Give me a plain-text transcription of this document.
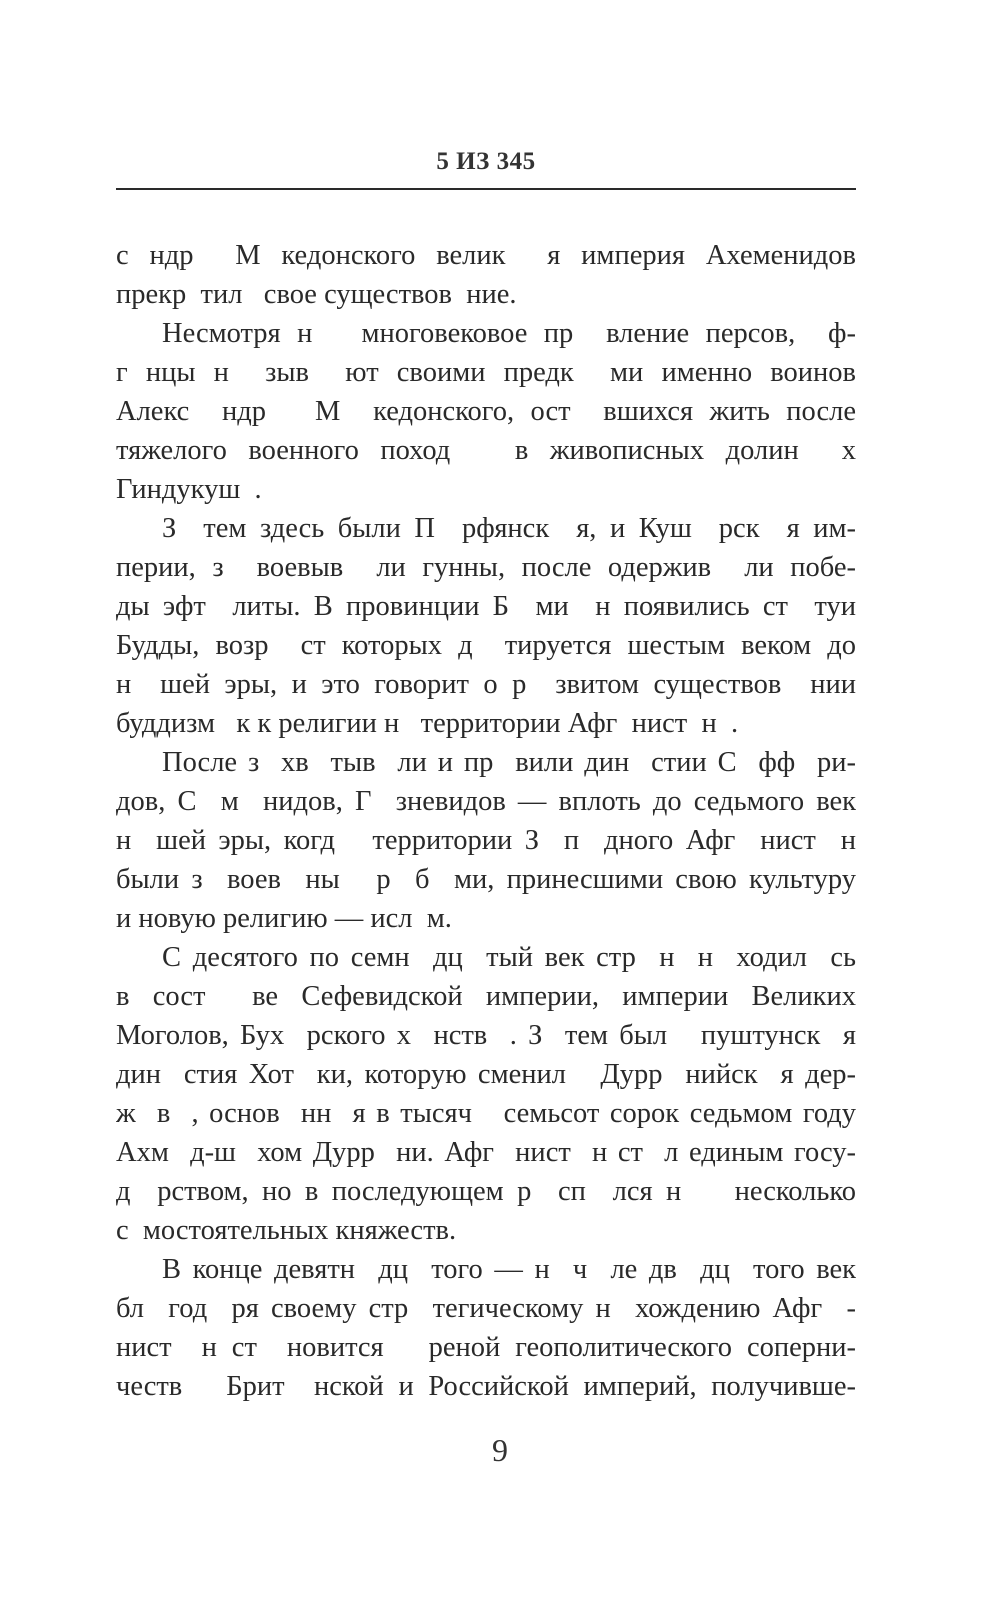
5 ИЗ 345
с ндр  М кедонского велик  я империя Ахеменидов
прекр  тил   свое существов  ние.
Несмотря н   многовековое пр  вление персов,  ф-
г нцы н  зыв  ют своими предк  ми именно воинов
Алекс  ндр   М  кедонского, ост  вшихся жить после
тяжелого военного поход   в живописных долин  х
Гиндукуш  .
З  тем здесь были П  рфянск  я, и Куш  рск  я им-
перии, з  воевыв  ли гунны, после одержив  ли побе-
ды эфт  литы. В провинции Б  ми  н появились ст  туи
Будды, возр  ст которых д  тируется шестым веком до
н  шей эры, и это говорит о р  звитом существов  нии
буддизм   к к религии н   территории Афг  нист  н  .
После з  хв  тыв  ли и пр  вили дин  стии С  фф  ри-
дов, С  м  нидов, Г  зневидов — вплоть до седьмого век
н  шей эры, когд   территории З  п  дного Афг  нист  н
были з  воев  ны   р  б  ми, принесшими свою культуру
и новую религию — исл  м.
С десятого по семн  дц  тый век стр  н  н  ходил  сь
в сост  ве Сефевидской империи, империи Великих
Моголов, Бух  рского х  нств  . З  тем был   пуштунск  я
дин  стия Хот  ки, которую сменил   Дурр  нийск  я дер-
ж  в  , основ  нн  я в тысяч   семьсот сорок седьмом году
Ахм  д-ш  хом Дурр  ни. Афг  нист  н ст  л единым госу-
д  рством, но в последующем р  сп  лся н    несколько
с  мостоятельных княжеств.
В конце девятн  дц  того — н  ч  ле дв  дц  того век
бл  год  ря своему стр  тегическому н  хождению Афг  -
нист  н ст  новится   реной геополитического соперни-
честв   Брит  нской и Российской империй, получивше-
9
